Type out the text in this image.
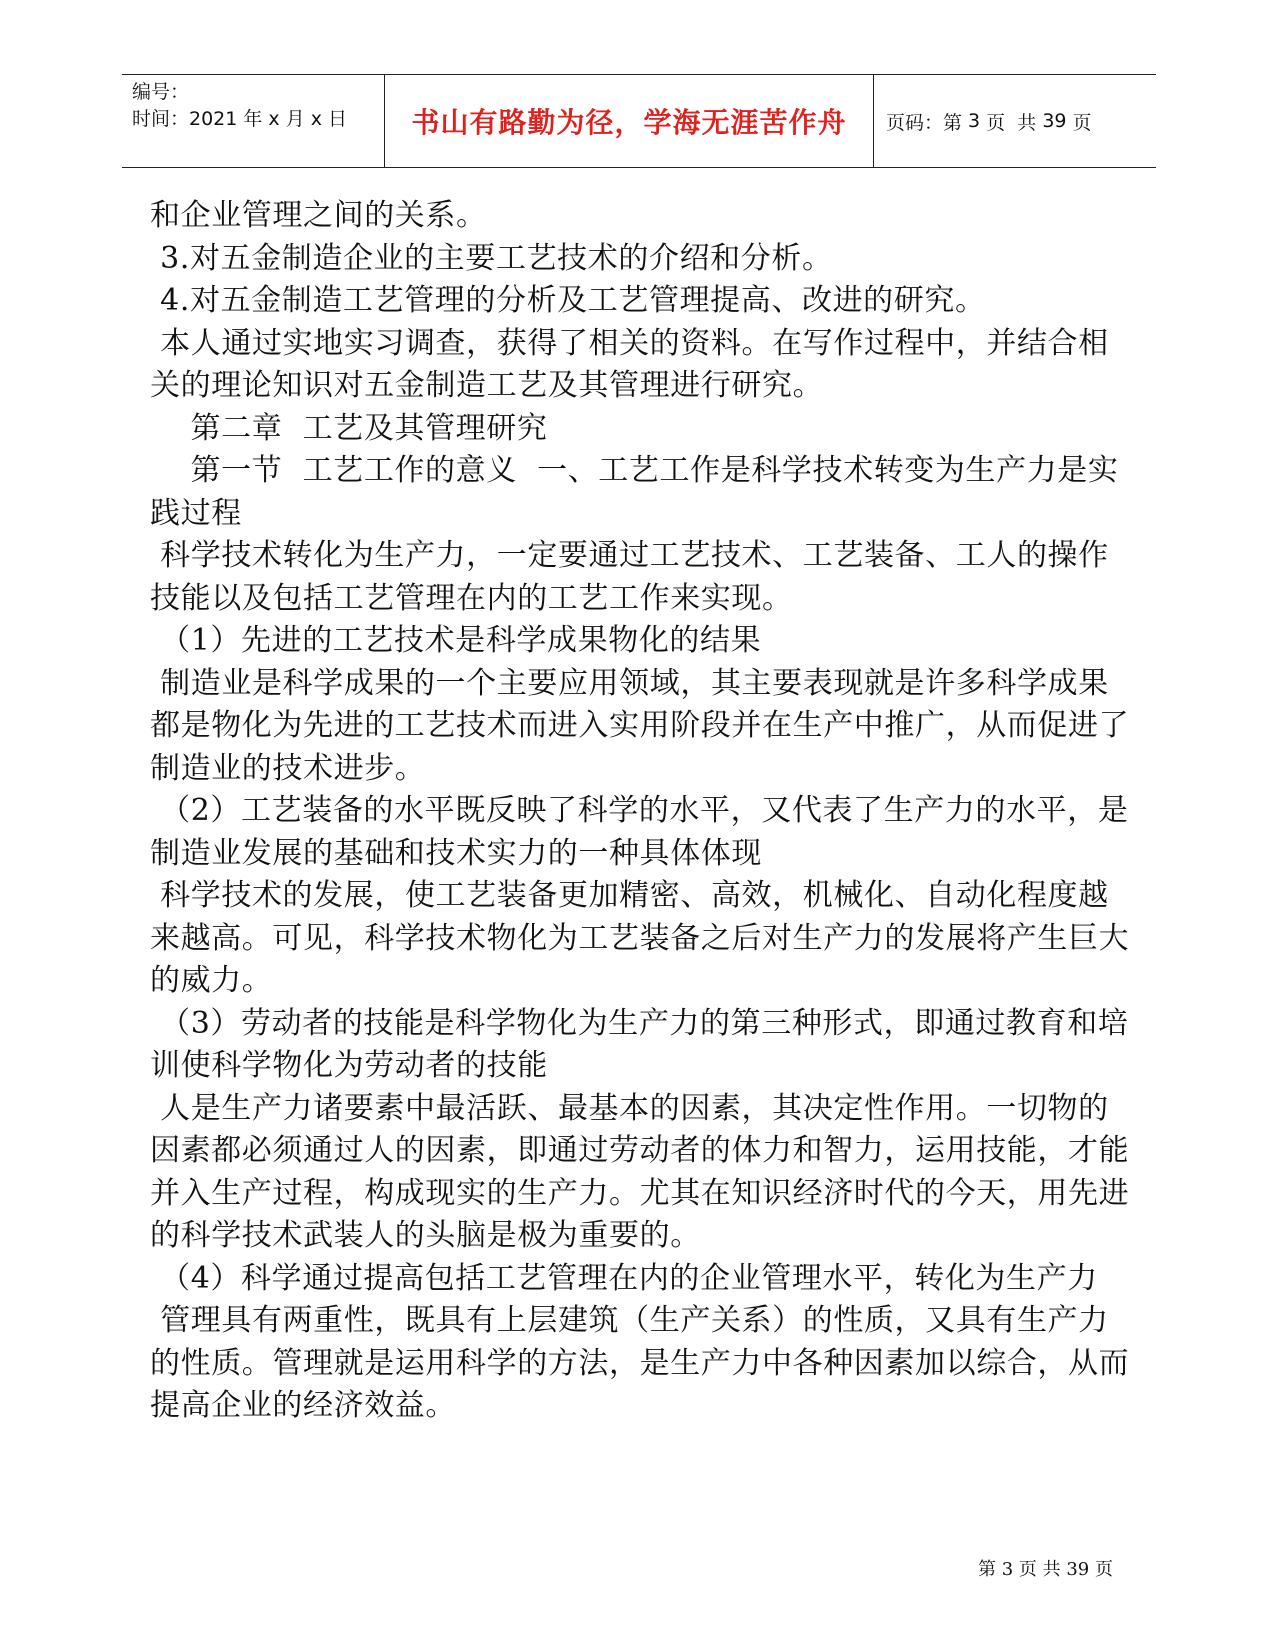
编号：
时间：2021 年 x 月 x 日	书山有路勤为径，学海无涯苦作舟 页码：第 3 页  共 39 页

和企业管理之间的关系。

3.对五金制造企业的主要工艺技术的介绍和分析。

4.对五金制造工艺管理的分析及工艺管理提高、改进的研究。

本人通过实地实习调查，获得了相关的资料。在写作过程中，并结合相关的理论知识对五金制造工艺及其管理进行研究。

第二章  工艺及其管理研究

第一节  工艺工作的意义  一、工艺工作是科学技术转变为生产力是实践过程

科学技术转化为生产力，一定要通过工艺技术、工艺装备、工人的操作技能以及包括工艺管理在内的工艺工作来实现。

（1）先进的工艺技术是科学成果物化的结果

制造业是科学成果的一个主要应用领域，其主要表现就是许多科学成果都是物化为先进的工艺技术而进入实用阶段并在生产中推广，从而促进了制造业的技术进步。

（2）工艺装备的水平既反映了科学的水平，又代表了生产力的水平，是制造业发展的基础和技术实力的一种具体体现

科学技术的发展，使工艺装备更加精密、高效，机械化、自动化程度越来越高。可见，科学技术物化为工艺装备之后对生产力的发展将产生巨大的威力。

（3）劳动者的技能是科学物化为生产力的第三种形式，即通过教育和培训使科学物化为劳动者的技能

人是生产力诸要素中最活跃、最基本的因素，其决定性作用。一切物的因素都必须通过人的因素，即通过劳动者的体力和智力，运用技能，才能并入生产过程，构成现实的生产力。尤其在知识经济时代的今天，用先进的科学技术武装人的头脑是极为重要的。

（4）科学通过提高包括工艺管理在内的企业管理水平，转化为生产力

管理具有两重性，既具有上层建筑（生产关系）的性质，又具有生产力的性质。管理就是运用科学的方法，是生产力中各种因素加以综合，从而提高企业的经济效益。

第 3 页 共 39 页
